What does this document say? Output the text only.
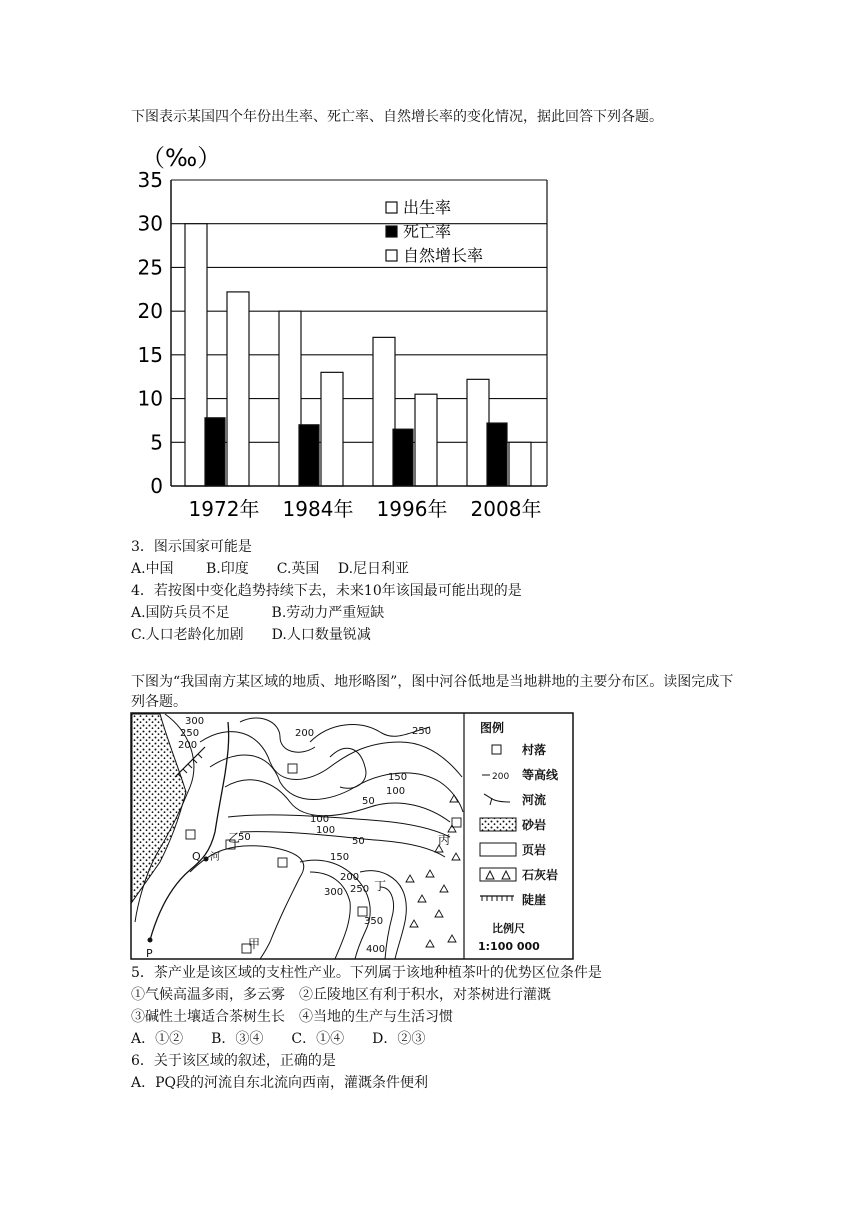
下图表示某国四个年份出生率、死亡率、自然增长率的变化情况，据此回答下列各题。
（‰）
0
5
10
15
20
25
30
35
1972年 1984年 1996年 2008年
出生率
死亡率
自然增长率
3．图示国家可能是
A.中国　　 B.印度　　C.英国　 D.尼日利亚
4．若按图中变化趋势持续下去，未来10年该国最可能出现的是
A.国防兵员不足　　　B.劳动力严重短缺
C.人口老龄化加剧　　D.人口数量锐减
下图为“我国南方某区域的地质、地形略图”，图中河谷低地是当地耕地的主要分布区。读图完成下列各题。
300
250
200
250
200
150
100
50
100
50
50
100
150
200
250
300
350
400
甲
乙	丙
丁
P
Q 河
图例
村落
200 等高线
河流
砂岩
页岩
石灰岩
陡崖
比例尺
1:100 000
5．茶产业是该区域的支柱性产业。下列属于该地种植茶叶的优势区位条件是
①气候高温多雨，多云雾　②丘陵地区有利于积水，对茶树进行灌溉
③碱性土壤适合茶树生长　④当地的生产与生活习惯
A．①②　　B．③④　　C．①④　　D．②③
6．关于该区域的叙述，正确的是
A．PQ段的河流自东北流向西南，灌溉条件便利
